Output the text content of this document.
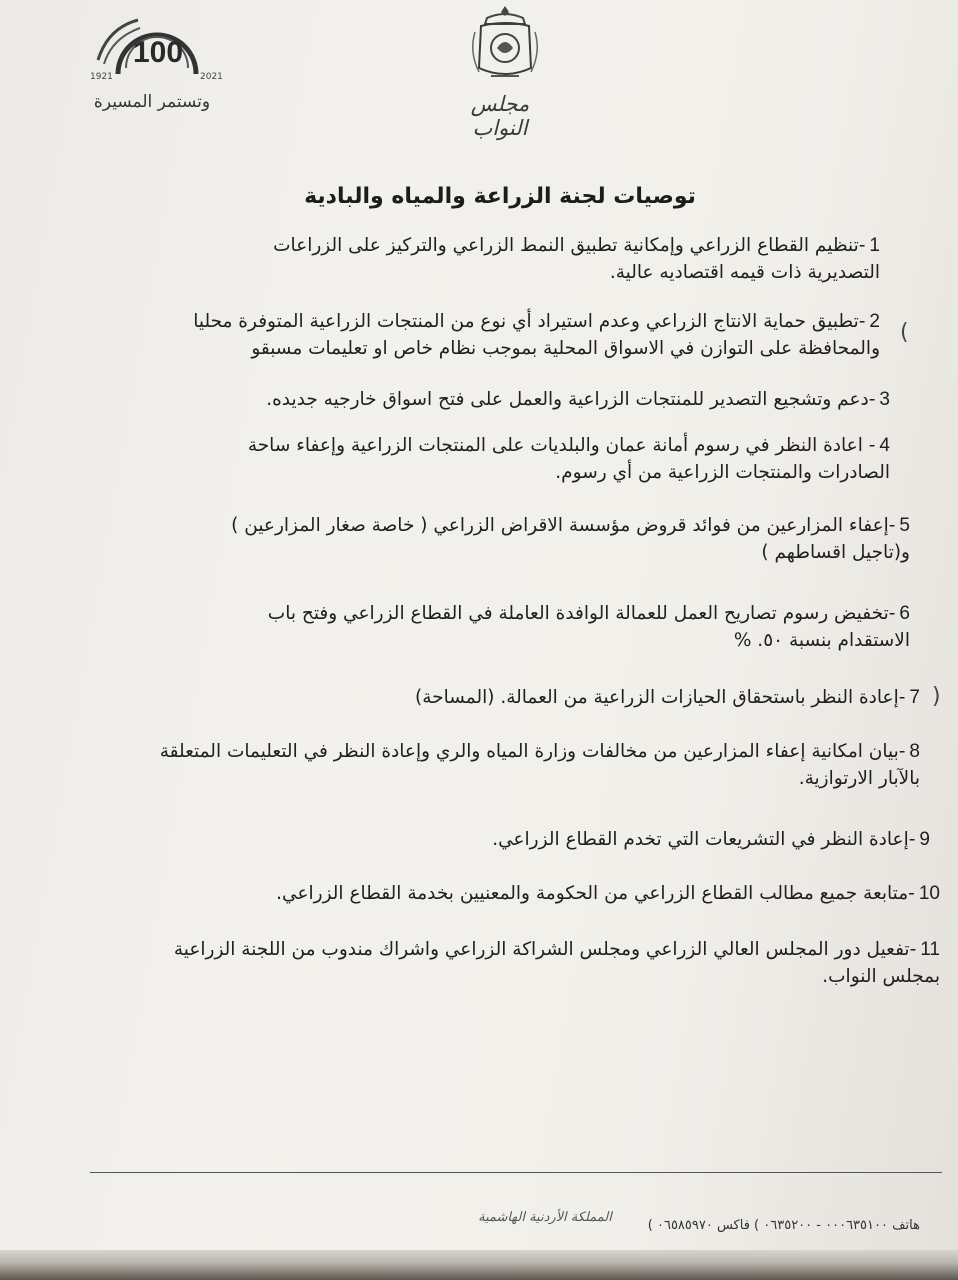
100
1921	2021
وتستمر المسيرة	مجلس النواب
توصيات لجنة الزراعة والمياه والبادية
1-تنظيم القطاع الزراعي وإمكانية تطبيق النمط الزراعي والتركيز على الزراعات التصديرية ذات قيمه اقتصاديه عالية.
(
2-تطبيق حماية الانتاج الزراعي وعدم استيراد أي نوع من المنتجات الزراعية المتوفرة محليا والمحافظة على التوازن في الاسواق المحلية بموجب نظام خاص او تعليمات مسبقو
3-دعم وتشجيع التصدير للمنتجات الزراعية والعمل على فتح اسواق خارجيه جديده.
4- اعادة النظر في رسوم أمانة عمان والبلديات على المنتجات الزراعية وإعفاء ساحة الصادرات والمنتجات الزراعية من أي رسوم.
5-إعفاء المزارعين من فوائد قروض مؤسسة الاقراض الزراعي ( خاصة صغار المزارعين ) و(تاجيل اقساطهم )
6-تخفيض رسوم تصاريح العمل للعمالة الوافدة العاملة في القطاع الزراعي وفتح باب الاستقدام بنسبة ٥٠. %
)
7-إعادة النظر باستحقاق الحيازات الزراعية من العمالة. (المساحة)
8-بيان امكانية إعفاء المزارعين من مخالفات وزارة المياه والري وإعادة النظر في التعليمات المتعلقة بالآبار الارتوازية.
9-إعادة النظر في التشريعات التي تخدم القطاع الزراعي.
10-متابعة جميع مطالب القطاع الزراعي من الحكومة والمعنيين بخدمة القطاع الزراعي.
11-تفعيل دور المجلس العالي الزراعي ومجلس الشراكة الزراعي واشراك مندوب من اللجنة الزراعية بمجلس النواب.
المملكة الأردنية الهاشمية
هاتف ٠٠٠٦٣٥١٠٠ - ٠٦٣٥٢٠٠ ) فاكس ٠٦٥٨٥٩٧٠ )
